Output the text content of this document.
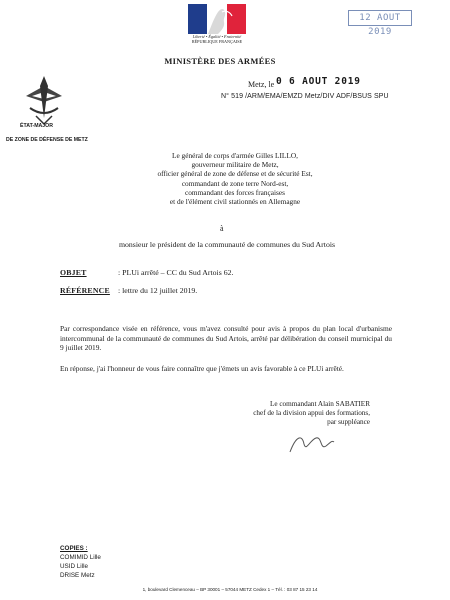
Liberté • Égalité • Fraternité
RÉPUBLIQUE FRANÇAISE
12 AOUT 2019
MINISTÈRE DES ARMÉES
Metz, le 0 6 AOUT 2019
N° 519 /ARM/EMA/EMZD Metz/DIV ADF/BSUS SPU
ÉTAT-MAJOR
DE ZONE DE DÉFENSE DE METZ
Le général de corps d'armée Gilles LILLO,
gouverneur militaire de Metz,
officier général de zone de défense et de sécurité Est,
commandant de zone terre Nord-est,
commandant des forces françaises
et de l'élément civil stationnés en Allemagne
à
monsieur le président de la communauté de communes du Sud Artois
OBJET	: PLUi arrêté – CC du Sud Artois 62.
RÉFÉRENCE : lettre du 12 juillet 2019.
Par correspondance visée en référence, vous m'avez consulté pour avis à propos du plan local d'urbanisme intercommunal de la communauté de communes du Sud Artois, arrêté par délibération du conseil murnicipal du 9 juillet 2019.
En réponse, j'ai l'honneur de vous faire connaître que j'émets un avis favorable à ce PLUi arrêté.
Le commandant Alain SABATIER
chef de la division appui des formations,
par suppléance
COPIES :
COMIMID Lille
USID Lille
DRISE Metz
1, boulevard Clemenceau – BP 30001 – 57044 METZ Cedex 1 – Tél. : 03 87 15 23 14
